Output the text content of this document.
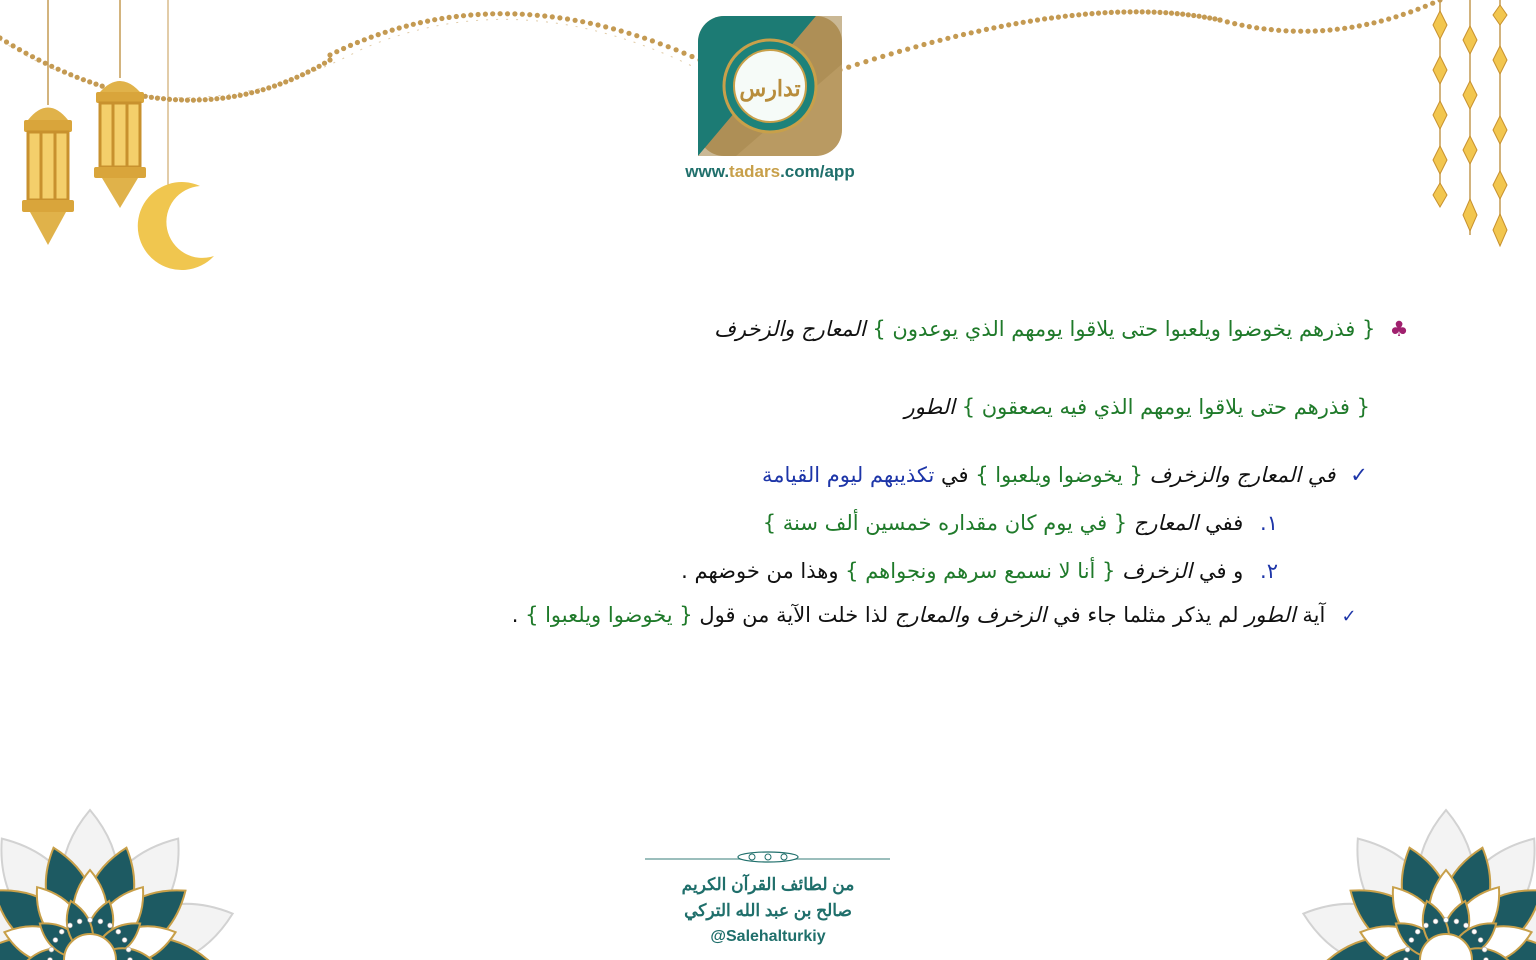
تدارس
www.tadars.com/app
♣ { فذرهم يخوضوا ويلعبوا حتى يلاقوا يومهم الذي يوعدون } المعارج والزخرف
{ فذرهم حتى يلاقوا يومهم الذي فيه يصعقون } الطور
✓ في المعارج والزخرف { يخوضوا ويلعبوا } في تكذيبهم ليوم القيامة
١. ففي المعارج { في يوم كان مقداره خمسين ألف سنة }
٢. و في الزخرف { أنا لا نسمع سرهم ونجواهم } وهذا من خوضهم .
✓ آية الطور لم يذكر مثلما جاء في الزخرف والمعارج لذا خلت الآية من قول { يخوضوا ويلعبوا } .
من لطائف القرآن الكريم
صالح بن عبد الله التركي
@Salehalturkiy
